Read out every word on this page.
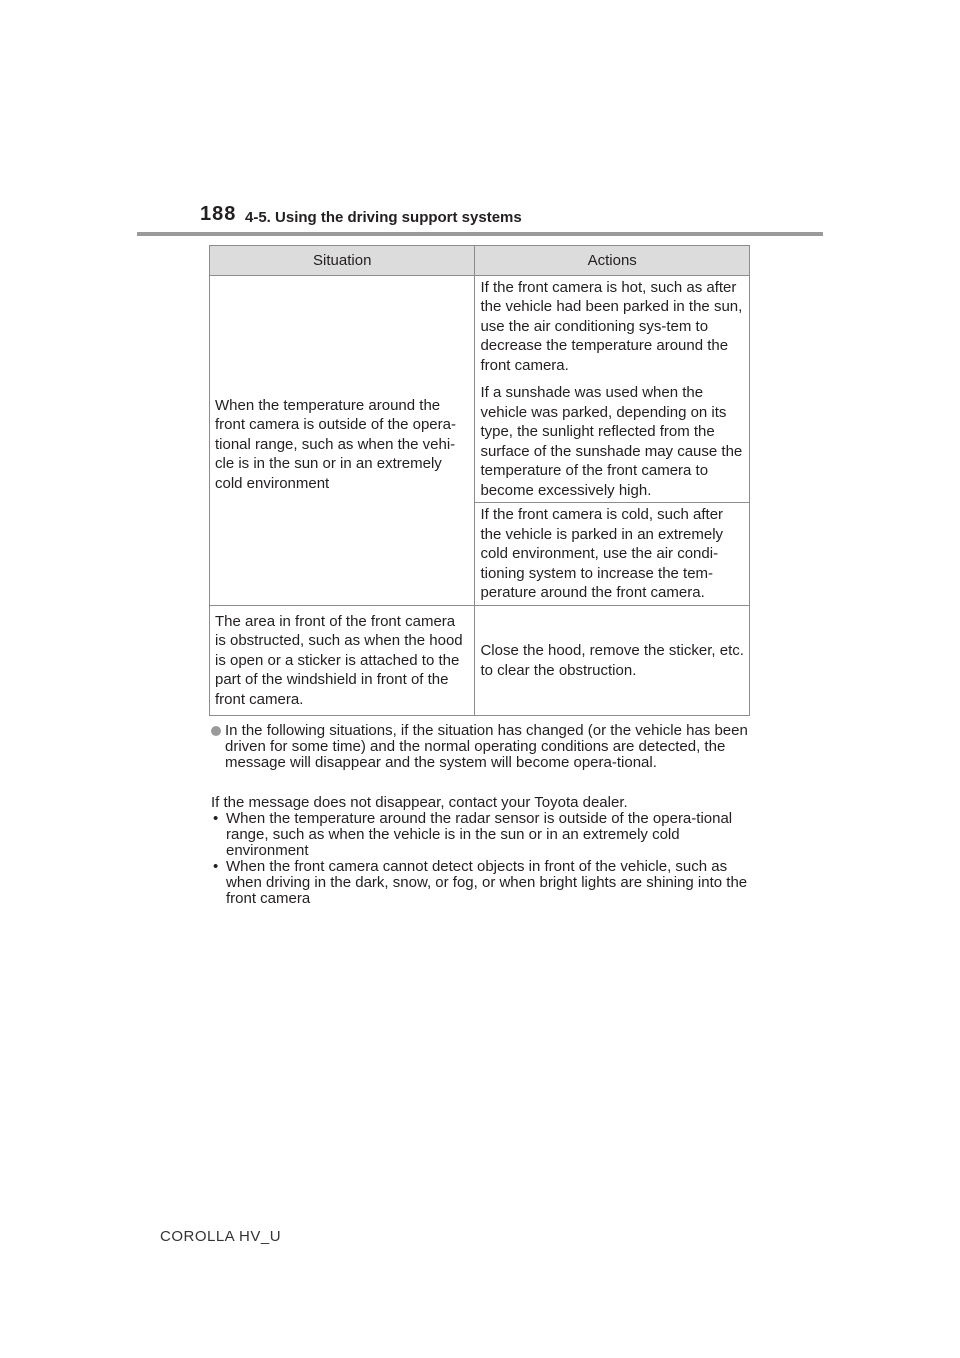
188 4-5. Using the driving support systems
Situation	Actions
When the temperature around the front camera is outside of the opera-tional range, such as when the vehi-cle is in the sun or in an extremely cold environment	If the front camera is hot, such as after the vehicle had been parked in the sun, use the air conditioning sys-tem to decrease the temperature around the front camera.

If a sunshade was used when the vehicle was parked, depending on its type, the sunlight reflected from the surface of the sunshade may cause the temperature of the front camera to become excessively high.

	If the front camera is cold, such after the vehicle is parked in an extremely cold environment, use the air condi-tioning system to increase the tem-perature around the front camera.
The area in front of the front camera is obstructed, such as when the hood is open or a sticker is attached to the part of the windshield in front of the front camera.	Close the hood, remove the sticker, etc. to clear the obstruction.
In the following situations, if the situation has changed (or the vehicle has been driven for some time) and the normal operating conditions are detected, the message will disappear and the system will become opera-tional.
If the message does not disappear, contact your Toyota dealer.
• When the temperature around the radar sensor is outside of the opera-tional range, such as when the vehicle is in the sun or in an extremely cold environment
• When the front camera cannot detect objects in front of the vehicle, such as when driving in the dark, snow, or fog, or when bright lights are shining into the front camera
COROLLA HV_U
